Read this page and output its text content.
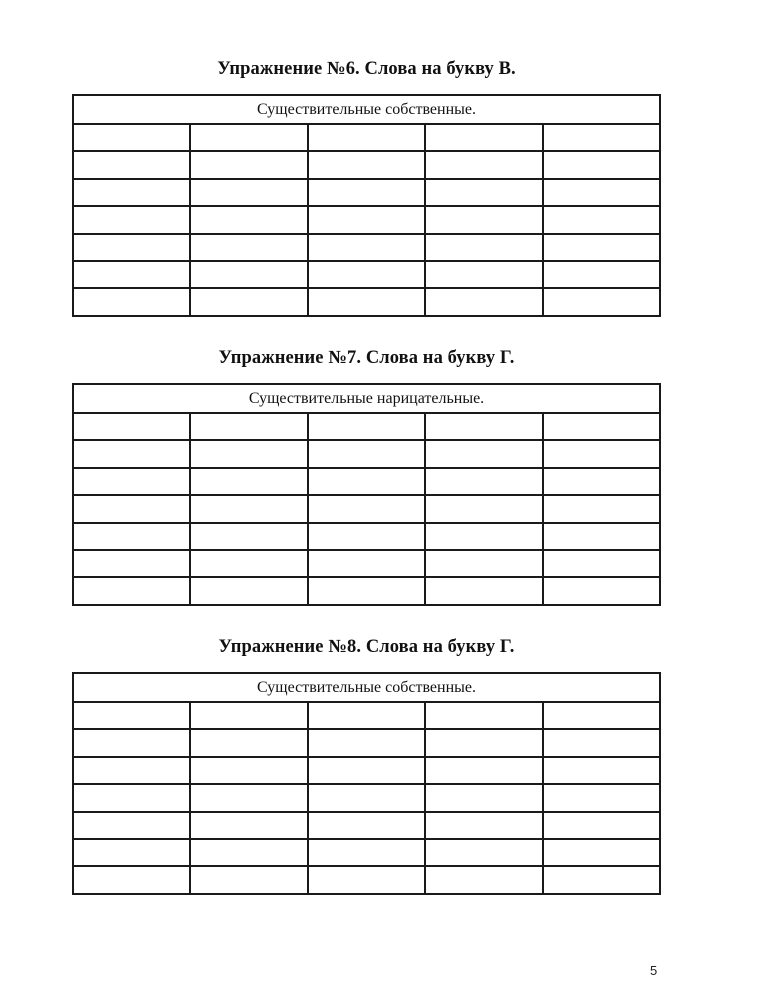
Упражнение №6. Слова на букву В.
Существительные собственные.				

Упражнение №7. Слова на букву Г.
Существительные нарицательные.				

Упражнение №8. Слова на букву Г.
Существительные собственные.				

5
